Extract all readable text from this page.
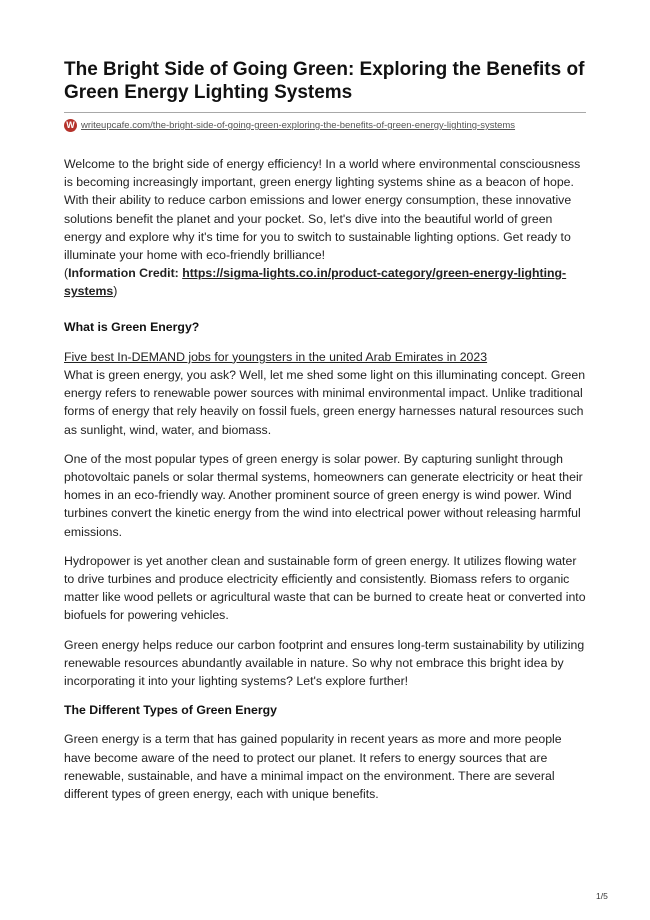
The Bright Side of Going Green: Exploring the Benefits of Green Energy Lighting Systems
W writeupcafe.com/the-bright-side-of-going-green-exploring-the-benefits-of-green-energy-lighting-systems

Welcome to the bright side of energy efficiency! In a world where environmental consciousness is becoming increasingly important, green energy lighting systems shine as a beacon of hope. With their ability to reduce carbon emissions and lower energy consumption, these innovative solutions benefit the planet and your pocket. So, let's dive into the beautiful world of green energy and explore why it's time for you to switch to sustainable lighting options. Get ready to illuminate your home with eco-friendly brilliance!
(Information Credit: https://sigma-lights.co.in/product-category/green-energy-lighting-systems)

What is Green Energy?
Five best In-DEMAND jobs for youngsters in the united Arab Emirates in 2023

What is green energy, you ask? Well, let me shed some light on this illuminating concept. Green energy refers to renewable power sources with minimal environmental impact. Unlike traditional forms of energy that rely heavily on fossil fuels, green energy harnesses natural resources such as sunlight, wind, water, and biomass.

One of the most popular types of green energy is solar power. By capturing sunlight through photovoltaic panels or solar thermal systems, homeowners can generate electricity or heat their homes in an eco-friendly way. Another prominent source of green energy is wind power. Wind turbines convert the kinetic energy from the wind into electrical power without releasing harmful emissions.

Hydropower is yet another clean and sustainable form of green energy. It utilizes flowing water to drive turbines and produce electricity efficiently and consistently. Biomass refers to organic matter like wood pellets or agricultural waste that can be burned to create heat or converted into biofuels for powering vehicles.

Green energy helps reduce our carbon footprint and ensures long-term sustainability by utilizing renewable resources abundantly available in nature. So why not embrace this bright idea by incorporating it into your lighting systems? Let's explore further!

The Different Types of Green Energy

Green energy is a term that has gained popularity in recent years as more and more people have become aware of the need to protect our planet. It refers to energy sources that are renewable, sustainable, and have a minimal impact on the environment. There are several different types of green energy, each with unique benefits.

1/5
